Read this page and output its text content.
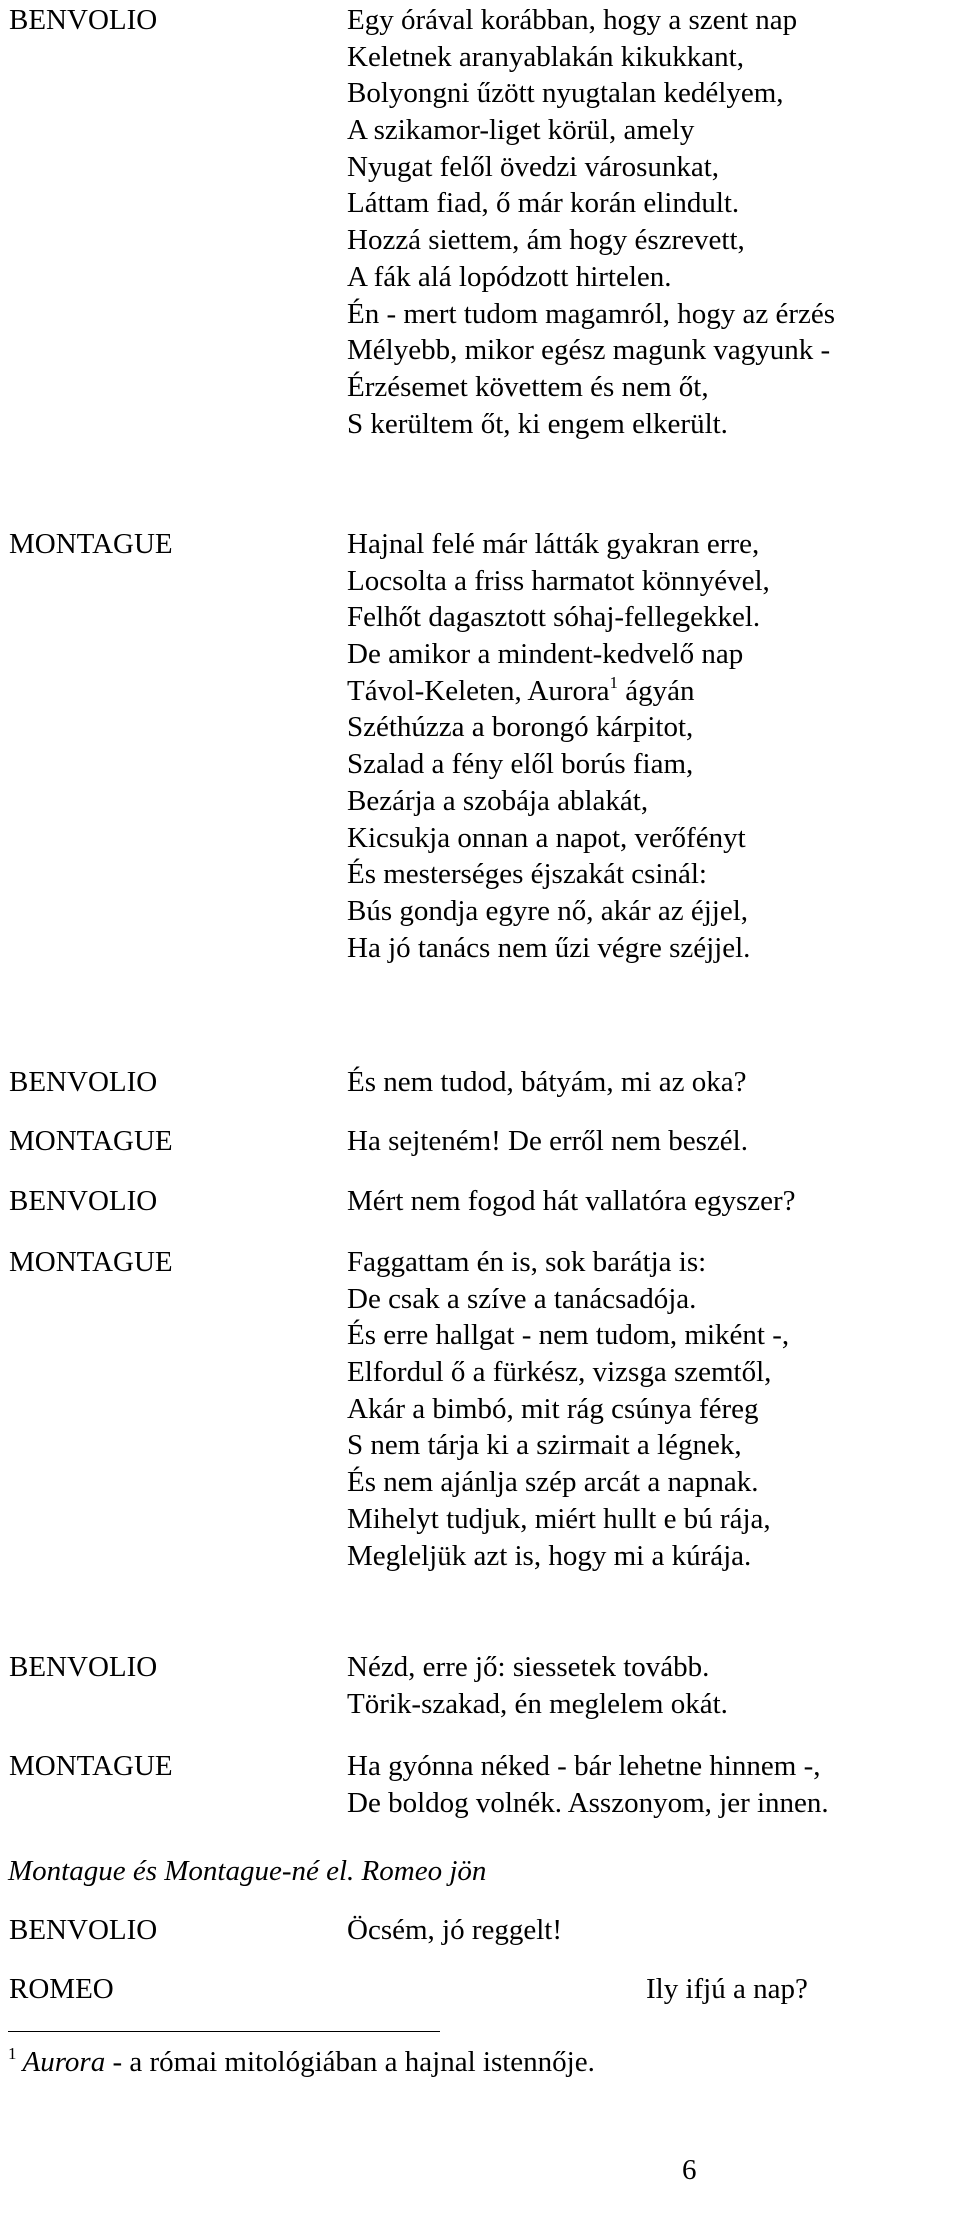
BENVOLIO	Egy órával korábban, hogy a szent nap
Keletnek aranyablakán kikukkant,
Bolyongni űzött nyugtalan kedélyem,
A szikamor-liget körül, amely
Nyugat felől övedzi városunkat,
Láttam fiad, ő már korán elindult.
Hozzá siettem, ám hogy észrevett,
A fák alá lopódzott hirtelen.
Én - mert tudom magamról, hogy az érzés
Mélyebb, mikor egész magunk vagyunk -
Érzésemet követtem és nem őt,
S kerültem őt, ki engem elkerült.
MONTAGUE	Hajnal felé már látták gyakran erre,
Locsolta a friss harmatot könnyével,
Felhőt dagasztott sóhaj-fellegekkel.
De amikor a mindent-kedvelő nap
Távol-Keleten, Aurora$^1$ ágyán
Széthúzza a borongó kárpitot,
Szalad a fény elől borús fiam,
Bezárja a szobája ablakát,
Kicsukja onnan a napot, verőfényt
És mesterséges éjszakát csinál:
Bús gondja egyre nő, akár az éjjel,
Ha jó tanács nem űzi végre széjjel.
BENVOLIO	És nem tudod, bátyám, mi az oka?
MONTAGUE	Ha sejteném! De erről nem beszél.
BENVOLIO	Mért nem fogod hát vallatóra egyszer?
MONTAGUE	Faggattam én is, sok barátja is:
De csak a szíve a tanácsadója.
És erre hallgat - nem tudom, miként -,
Elfordul ő a fürkész, vizsga szemtől,
Akár a bimbó, mit rág csúnya féreg
S nem tárja ki a szirmait a légnek,
És nem ajánlja szép arcát a napnak.
Mihelyt tudjuk, miért hullt e bú rája,
Megleljük azt is, hogy mi a kúrája.
BENVOLIO	Nézd, erre jő: siessetek tovább.
Törik-szakad, én meglelem okát.
MONTAGUE	Ha gyónna néked - bár lehetne hinnem -,
De boldog volnék. Asszonyom, jer innen.
Montague és Montague-né el. Romeo jön
BENVOLIO	Öcsém, jó reggelt!
ROMEO	Ily ifjú a nap?
$^1$ Aurora - a római mitológiában a hajnal istennője.
6
